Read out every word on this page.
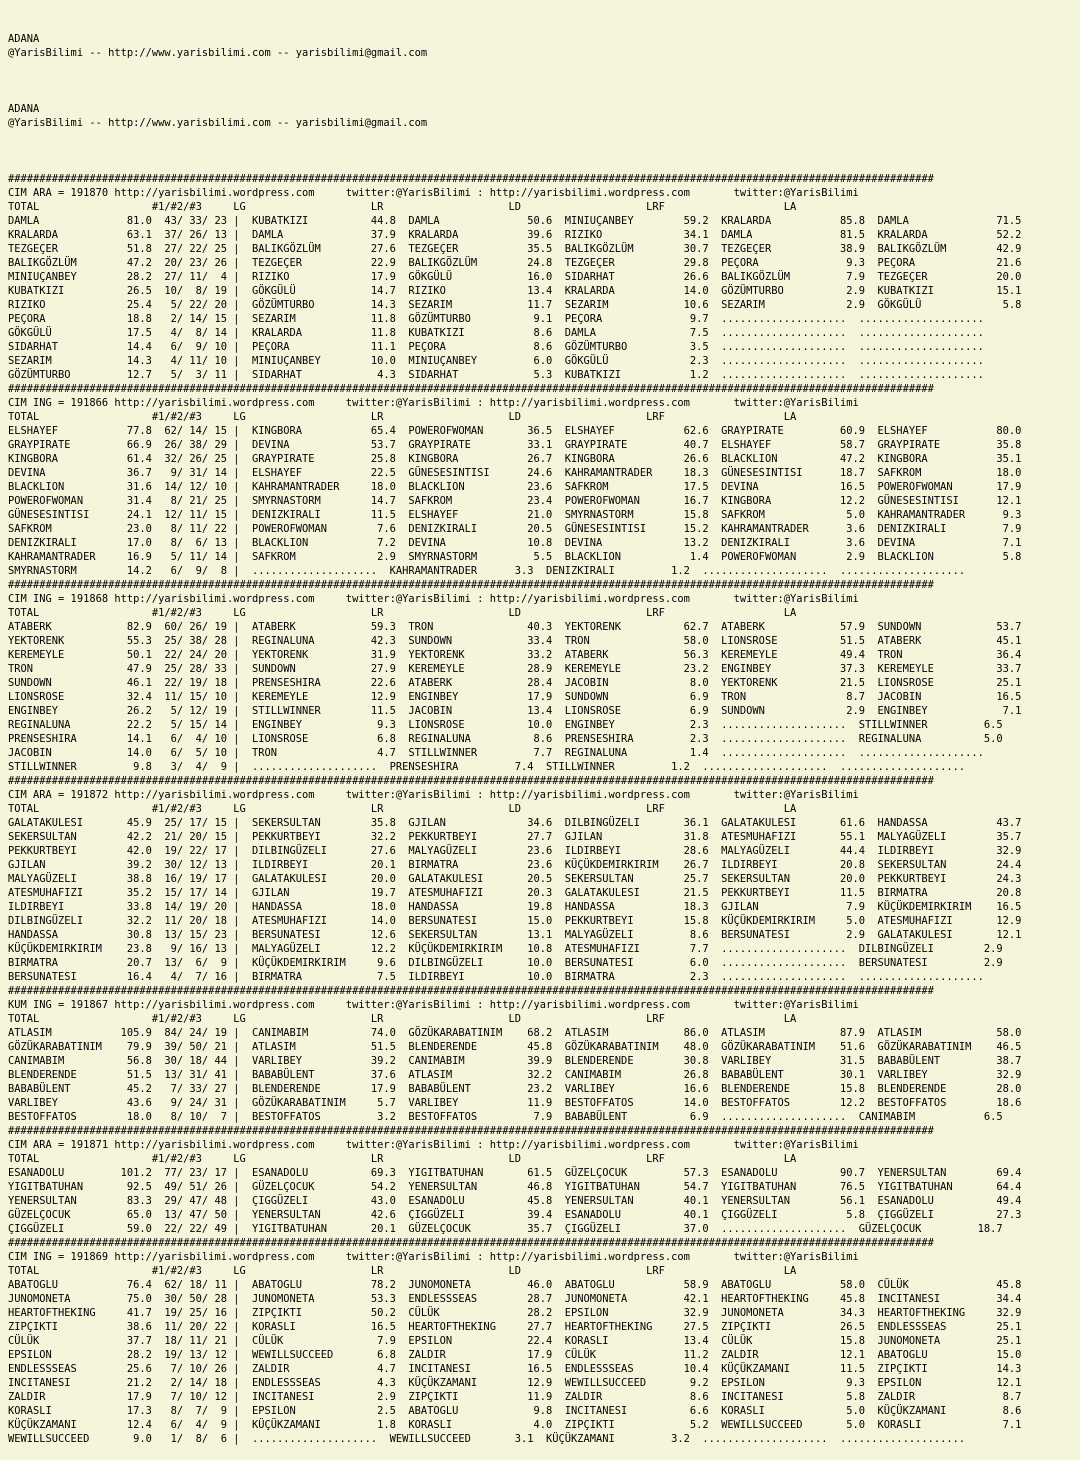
ADANA
@YarisBilimi -- http://www.yarisbilimi.com -- yarisbilimi@gmail.com
ADANA
@YarisBilimi -- http://www.yarisbilimi.com -- yarisbilimi@gmail.com

####################################################################################################################################################
CIM ARA = 191870 http://yarisbilimi.wordpress.com     twitter:@YarisBilimi : http://yarisbilimi.wordpress.com       twitter:@YarisBilimi
TOTAL                  #1/#2/#3     LG                    LR                    LD                    LRF                   LA
DAMLA              81.0  43/ 33/ 23 |  KUBATKIZI          44.8  DAMLA              50.6  MINIUÇANBEY        59.2  KRALARDA           85.8  DAMLA              71.5
KRALARDA           63.1  37/ 26/ 13 |  DAMLA              37.9  KRALARDA           39.6  RIZIKO             34.1  DAMLA              81.5  KRALARDA           52.2
TEZGEÇER           51.8  27/ 22/ 25 |  BALIKGÖZLÜM        27.6  TEZGEÇER           35.5  BALIKGÖZLÜM        30.7  TEZGEÇER           38.9  BALIKGÖZLÜM        42.9
BALIKGÖZLÜM        47.2  20/ 23/ 26 |  TEZGEÇER           22.9  BALIKGÖZLÜM        24.8  TEZGEÇER           29.8  PEÇORA              9.3  PEÇORA             21.6
MINIUÇANBEY        28.2  27/ 11/  4 |  RIZIKO             17.9  GÖKGÜLÜ            16.0  SIDARHAT           26.6  BALIKGÖZLÜM         7.9  TEZGEÇER           20.0
KUBATKIZI          26.5  10/  8/ 19 |  GÖKGÜLÜ            14.7  RIZIKO             13.4  KRALARDA           14.0  GÖZÜMTURBO          2.9  KUBATKIZI          15.1
RIZIKO             25.4   5/ 22/ 20 |  GÖZÜMTURBO         14.3  SEZARIM            11.7  SEZARIM            10.6  SEZARIM             2.9  GÖKGÜLÜ             5.8
PEÇORA             18.8   2/ 14/ 15 |  SEZARIM            11.8  GÖZÜMTURBO          9.1  PEÇORA              9.7  ....................  ....................
GÖKGÜLÜ            17.5   4/  8/ 14 |  KRALARDA           11.8  KUBATKIZI           8.6  DAMLA               7.5  ....................  ....................
SIDARHAT           14.4   6/  9/ 10 |  PEÇORA             11.1  PEÇORA              8.6  GÖZÜMTURBO          3.5  ....................  ....................
SEZARIM            14.3   4/ 11/ 10 |  MINIUÇANBEY        10.0  MINIUÇANBEY         6.0  GÖKGÜLÜ             2.3  ....................  ....................
GÖZÜMTURBO         12.7   5/  3/ 11 |  SIDARHAT            4.3  SIDARHAT            5.3  KUBATKIZI           1.2  ....................  ....................
####################################################################################################################################################
CIM ING = 191866 http://yarisbilimi.wordpress.com     twitter:@YarisBilimi : http://yarisbilimi.wordpress.com       twitter:@YarisBilimi
TOTAL                  #1/#2/#3     LG                    LR                    LD                    LRF                   LA
ELSHAYEF           77.8  62/ 14/ 15 |  KINGBORA           65.4  POWEROFWOMAN       36.5  ELSHAYEF           62.6  GRAYPIRATE         60.9  ELSHAYEF           80.0
GRAYPIRATE         66.9  26/ 38/ 29 |  DEVINA             53.7  GRAYPIRATE         33.1  GRAYPIRATE         40.7  ELSHAYEF           58.7  GRAYPIRATE         35.8
KINGBORA           61.4  32/ 26/ 25 |  GRAYPIRATE         25.8  KINGBORA           26.7  KINGBORA           26.6  BLACKLION          47.2  KINGBORA           35.1
DEVINA             36.7   9/ 31/ 14 |  ELSHAYEF           22.5  GÜNESESINTISI      24.6  KAHRAMANTRADER     18.3  GÜNESESINTISI      18.7  SAFKROM            18.0
BLACKLION          31.6  14/ 12/ 10 |  KAHRAMANTRADER     18.0  BLACKLION          23.6  SAFKROM            17.5  DEVINA             16.5  POWEROFWOMAN       17.9
POWEROFWOMAN       31.4   8/ 21/ 25 |  SMYRNASTORM        14.7  SAFKROM            23.4  POWEROFWOMAN       16.7  KINGBORA           12.2  GÜNESESINTISI      12.1
GÜNESESINTISI      24.1  12/ 11/ 15 |  DENIZKIRALI        11.5  ELSHAYEF           21.0  SMYRNASTORM        15.8  SAFKROM             5.0  KAHRAMANTRADER      9.3
SAFKROM            23.0   8/ 11/ 22 |  POWEROFWOMAN        7.6  DENIZKIRALI        20.5  GÜNESESINTISI      15.2  KAHRAMANTRADER      3.6  DENIZKIRALI         7.9
DENIZKIRALI        17.0   8/  6/ 13 |  BLACKLION           7.2  DEVINA             10.8  DEVINA             13.2  DENIZKIRALI         3.6  DEVINA              7.1
KAHRAMANTRADER     16.9   5/ 11/ 14 |  SAFKROM             2.9  SMYRNASTORM         5.5  BLACKLION           1.4  POWEROFWOMAN        2.9  BLACKLION           5.8
SMYRNASTORM        14.2   6/  9/  8 |  ....................  KAHRAMANTRADER      3.3  DENIZKIRALI         1.2  ....................  ....................
####################################################################################################################################################
CIM ING = 191868 http://yarisbilimi.wordpress.com     twitter:@YarisBilimi : http://yarisbilimi.wordpress.com       twitter:@YarisBilimi
TOTAL                  #1/#2/#3     LG                    LR                    LD                    LRF                   LA
ATABERK            82.9  60/ 26/ 19 |  ATABERK            59.3  TRON               40.3  YEKTORENK          62.7  ATABERK            57.9  SUNDOWN            53.7
YEKTORENK          55.3  25/ 38/ 28 |  REGINALUNA         42.3  SUNDOWN            33.4  TRON               58.0  LIONSROSE          51.5  ATABERK            45.1
KEREMEYLE          50.1  22/ 24/ 20 |  YEKTORENK          31.9  YEKTORENK          33.2  ATABERK            56.3  KEREMEYLE          49.4  TRON               36.4
TRON               47.9  25/ 28/ 33 |  SUNDOWN            27.9  KEREMEYLE          28.9  KEREMEYLE          23.2  ENGINBEY           37.3  KEREMEYLE          33.7
SUNDOWN            46.1  22/ 19/ 18 |  PRENSESHIRA        22.6  ATABERK            28.4  JACOBIN             8.0  YEKTORENK          21.5  LIONSROSE          25.1
LIONSROSE          32.4  11/ 15/ 10 |  KEREMEYLE          12.9  ENGINBEY           17.9  SUNDOWN             6.9  TRON                8.7  JACOBIN            16.5
ENGINBEY           26.2   5/ 12/ 19 |  STILLWINNER        11.5  JACOBIN            13.4  LIONSROSE           6.9  SUNDOWN             2.9  ENGINBEY            7.1
REGINALUNA         22.2   5/ 15/ 14 |  ENGINBEY            9.3  LIONSROSE          10.0  ENGINBEY            2.3  ....................  STILLWINNER         6.5
PRENSESHIRA        14.1   6/  4/ 10 |  LIONSROSE           6.8  REGINALUNA          8.6  PRENSESHIRA         2.3  ....................  REGINALUNA          5.0
JACOBIN            14.0   6/  5/ 10 |  TRON                4.7  STILLWINNER         7.7  REGINALUNA          1.4  ....................  ....................
STILLWINNER         9.8   3/  4/  9 |  ....................  PRENSESHIRA         7.4  STILLWINNER         1.2  ....................  ....................
####################################################################################################################################################
CIM ARA = 191872 http://yarisbilimi.wordpress.com     twitter:@YarisBilimi : http://yarisbilimi.wordpress.com       twitter:@YarisBilimi
TOTAL                  #1/#2/#3     LG                    LR                    LD                    LRF                   LA
GALATAKULESI       45.9  25/ 17/ 15 |  SEKERSULTAN        35.8  GJILAN             34.6  DILBINGÜZELI       36.1  GALATAKULESI       61.6  HANDASSA           43.7
SEKERSULTAN        42.2  21/ 20/ 15 |  PEKKURTBEYI        32.2  PEKKURTBEYI        27.7  GJILAN             31.8  ATESMUHAFIZI       55.1  MALYAGÜZELI        35.7
PEKKURTBEYI        42.0  19/ 22/ 17 |  DILBINGÜZELI       27.6  MALYAGÜZELI        23.6  ILDIRBEYI          28.6  MALYAGÜZELI        44.4  ILDIRBEYI          32.9
GJILAN             39.2  30/ 12/ 13 |  ILDIRBEYI          20.1  BIRMATRA           23.6  KÜÇÜKDEMIRKIRIM    26.7  ILDIRBEYI          20.8  SEKERSULTAN        24.4
MALYAGÜZELI        38.8  16/ 19/ 17 |  GALATAKULESI       20.0  GALATAKULESI       20.5  SEKERSULTAN        25.7  SEKERSULTAN        20.0  PEKKURTBEYI        24.3
ATESMUHAFIZI       35.2  15/ 17/ 14 |  GJILAN             19.7  ATESMUHAFIZI       20.3  GALATAKULESI       21.5  PEKKURTBEYI        11.5  BIRMATRA           20.8
ILDIRBEYI          33.8  14/ 19/ 20 |  HANDASSA           18.0  HANDASSA           19.8  HANDASSA           18.3  GJILAN              7.9  KÜÇÜKDEMIRKIRIM    16.5
DILBINGÜZELI       32.2  11/ 20/ 18 |  ATESMUHAFIZI       14.0  BERSUNATESI        15.0  PEKKURTBEYI        15.8  KÜÇÜKDEMIRKIRIM     5.0  ATESMUHAFIZI       12.9
HANDASSA           30.8  13/ 15/ 23 |  BERSUNATESI        12.6  SEKERSULTAN        13.1  MALYAGÜZELI         8.6  BERSUNATESI         2.9  GALATAKULESI       12.1
KÜÇÜKDEMIRKIRIM    23.8   9/ 16/ 13 |  MALYAGÜZELI        12.2  KÜÇÜKDEMIRKIRIM    10.8  ATESMUHAFIZI        7.7  ....................  DILBINGÜZELI        2.9
BIRMATRA           20.7  13/  6/  9 |  KÜÇÜKDEMIRKIRIM     9.6  DILBINGÜZELI       10.0  BERSUNATESI         6.0  ....................  BERSUNATESI         2.9
BERSUNATESI        16.4   4/  7/ 16 |  BIRMATRA            7.5  ILDIRBEYI          10.0  BIRMATRA            2.3  ....................  ....................
####################################################################################################################################################
KUM ING = 191867 http://yarisbilimi.wordpress.com     twitter:@YarisBilimi : http://yarisbilimi.wordpress.com       twitter:@YarisBilimi
TOTAL                  #1/#2/#3     LG                    LR                    LD                    LRF                   LA
ATLASIM           105.9  84/ 24/ 19 |  CANIMABIM          74.0  GÖZÜKARABATINIM    68.2  ATLASIM            86.0  ATLASIM            87.9  ATLASIM            58.0
GÖZÜKARABATINIM    79.9  39/ 50/ 21 |  ATLASIM            51.5  BLENDERENDE        45.8  GÖZÜKARABATINIM    48.0  GÖZÜKARABATINIM    51.6  GÖZÜKARABATINIM    46.5
CANIMABIM          56.8  30/ 18/ 44 |  VARLIBEY           39.2  CANIMABIM          39.9  BLENDERENDE        30.8  VARLIBEY           31.5  BABABÜLENT         38.7
BLENDERENDE        51.5  13/ 31/ 41 |  BABABÜLENT         37.6  ATLASIM            32.2  CANIMABIM          26.8  BABABÜLENT         30.1  VARLIBEY           32.9
BABABÜLENT         45.2   7/ 33/ 27 |  BLENDERENDE        17.9  BABABÜLENT         23.2  VARLIBEY           16.6  BLENDERENDE        15.8  BLENDERENDE        28.0
VARLIBEY           43.6   9/ 24/ 31 |  GÖZÜKARABATINIM     5.7  VARLIBEY           11.9  BESTOFFATOS        14.0  BESTOFFATOS        12.2  BESTOFFATOS        18.6
BESTOFFATOS        18.0   8/ 10/  7 |  BESTOFFATOS         3.2  BESTOFFATOS         7.9  BABABÜLENT          6.9  ....................  CANIMABIM           6.5
####################################################################################################################################################
CIM ARA = 191871 http://yarisbilimi.wordpress.com     twitter:@YarisBilimi : http://yarisbilimi.wordpress.com       twitter:@YarisBilimi
TOTAL                  #1/#2/#3     LG                    LR                    LD                    LRF                   LA
ESANADOLU         101.2  77/ 23/ 17 |  ESANADOLU          69.3  YIGITBATUHAN       61.5  GÜZELÇOCUK         57.3  ESANADOLU          90.7  YENERSULTAN        69.4
YIGITBATUHAN       92.5  49/ 51/ 26 |  GÜZELÇOCUK         54.2  YENERSULTAN        46.8  YIGITBATUHAN       54.7  YIGITBATUHAN       76.5  YIGITBATUHAN       64.4
YENERSULTAN        83.3  29/ 47/ 48 |  ÇIGGÜZELI          43.0  ESANADOLU          45.8  YENERSULTAN        40.1  YENERSULTAN        56.1  ESANADOLU          49.4
GÜZELÇOCUK         65.0  13/ 47/ 50 |  YENERSULTAN        42.6  ÇIGGÜZELI          39.4  ESANADOLU          40.1  ÇIGGÜZELI           5.8  ÇIGGÜZELI          27.3
ÇIGGÜZELI          59.0  22/ 22/ 49 |  YIGITBATUHAN       20.1  GÜZELÇOCUK         35.7  ÇIGGÜZELI          37.0  ....................  GÜZELÇOCUK         18.7
####################################################################################################################################################
CIM ING = 191869 http://yarisbilimi.wordpress.com     twitter:@YarisBilimi : http://yarisbilimi.wordpress.com       twitter:@YarisBilimi
TOTAL                  #1/#2/#3     LG                    LR                    LD                    LRF                   LA
ABATOGLU           76.4  62/ 18/ 11 |  ABATOGLU           78.2  JUNOMONETA         46.0  ABATOGLU           58.9  ABATOGLU           58.0  CÜLÜK              45.8
JUNOMONETA         75.0  30/ 50/ 28 |  JUNOMONETA         53.3  ENDLESSSEAS        28.7  JUNOMONETA         42.1  HEARTOFTHEKING     45.8  INCITANESI         34.4
HEARTOFTHEKING     41.7  19/ 25/ 16 |  ZIPÇIKTI           50.2  CÜLÜK              28.2  EPSILON            32.9  JUNOMONETA         34.3  HEARTOFTHEKING     32.9
ZIPÇIKTI           38.6  11/ 20/ 22 |  KORASLI            16.5  HEARTOFTHEKING     27.7  HEARTOFTHEKING     27.5  ZIPÇIKTI           26.5  ENDLESSSEAS        25.1
CÜLÜK              37.7  18/ 11/ 21 |  CÜLÜK               7.9  EPSILON            22.4  KORASLI            13.4  CÜLÜK              15.8  JUNOMONETA         25.1
EPSILON            28.2  19/ 13/ 12 |  WEWILLSUCCEED       6.8  ZALDIR             17.9  CÜLÜK              11.2  ZALDIR             12.1  ABATOGLU           15.0
ENDLESSSEAS        25.6   7/ 10/ 26 |  ZALDIR              4.7  INCITANESI         16.5  ENDLESSSEAS        10.4  KÜÇÜKZAMANI        11.5  ZIPÇIKTI           14.3
INCITANESI         21.2   2/ 14/ 18 |  ENDLESSSEAS         4.3  KÜÇÜKZAMANI        12.9  WEWILLSUCCEED       9.2  EPSILON             9.3  EPSILON            12.1
ZALDIR             17.9   7/ 10/ 12 |  INCITANESI          2.9  ZIPÇIKTI           11.9  ZALDIR              8.6  INCITANESI          5.8  ZALDIR              8.7
KORASLI            17.3   8/  7/  9 |  EPSILON             2.5  ABATOGLU            9.8  INCITANESI          6.6  KORASLI             5.0  KÜÇÜKZAMANI         8.6
KÜÇÜKZAMANI        12.4   6/  4/  9 |  KÜÇÜKZAMANI         1.8  KORASLI             4.0  ZIPÇIKTI            5.2  WEWILLSUCCEED       5.0  KORASLI             7.1
WEWILLSUCCEED       9.0   1/  8/  6 |  ....................  WEWILLSUCCEED       3.1  KÜÇÜKZAMANI         3.2  ....................  ....................
